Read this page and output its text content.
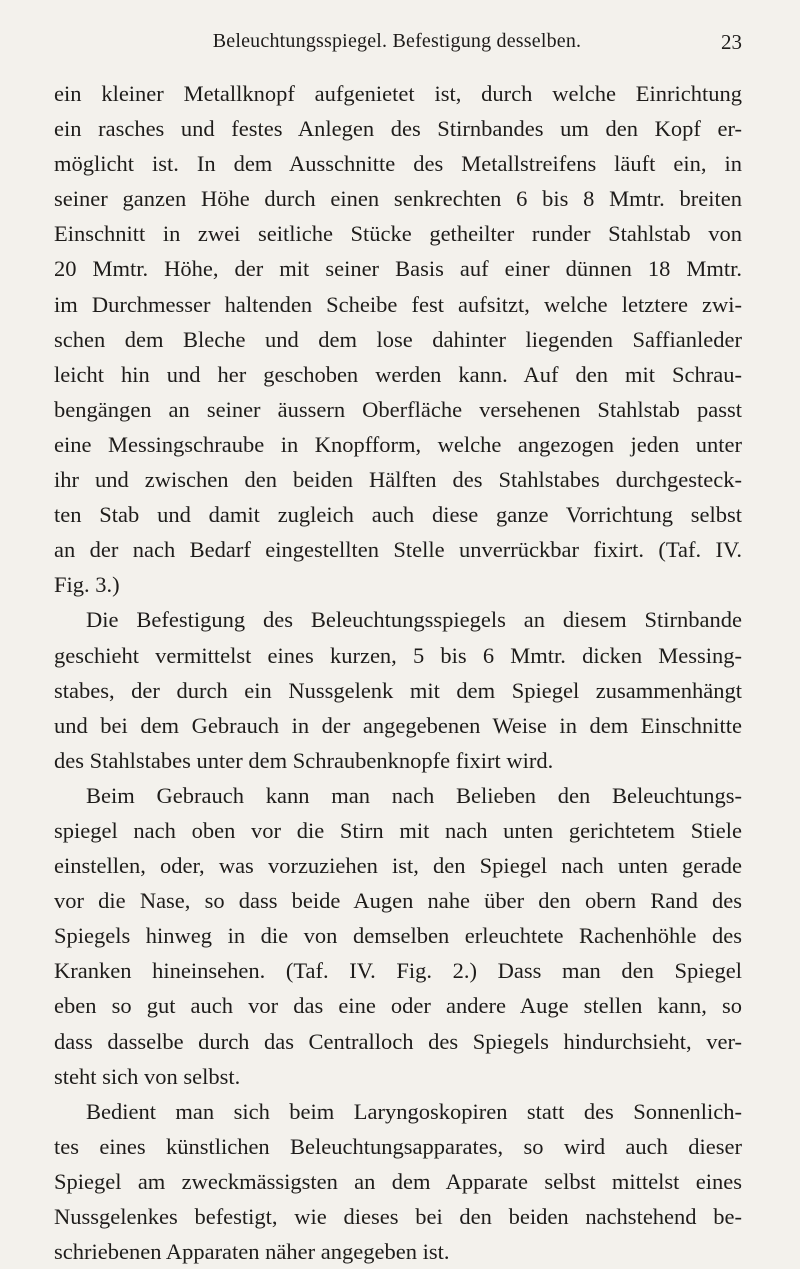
Beleuchtungsspiegel. Befestigung desselben.	23
ein kleiner Metallknopf aufgenietet ist, durch welche Einrichtung
ein rasches und festes Anlegen des Stirnbandes um den Kopf er-
möglicht ist. In dem Ausschnitte des Metallstreifens läuft ein, in
seiner ganzen Höhe durch einen senkrechten 6 bis 8 Mmtr. breiten
Einschnitt in zwei seitliche Stücke getheilter runder Stahlstab von
20 Mmtr. Höhe, der mit seiner Basis auf einer dünnen 18 Mmtr.
im Durchmesser haltenden Scheibe fest aufsitzt, welche letztere zwi-
schen dem Bleche und dem lose dahinter liegenden Saffianleder
leicht hin und her geschoben werden kann. Auf den mit Schrau-
bengängen an seiner äussern Oberfläche versehenen Stahlstab passt
eine Messingschraube in Knopfform, welche angezogen jeden unter
ihr und zwischen den beiden Hälften des Stahlstabes durchgesteck-
ten Stab und damit zugleich auch diese ganze Vorrichtung selbst
an der nach Bedarf eingestellten Stelle unverrückbar fixirt. (Taf. IV.
Fig. 3.)
Die Befestigung des Beleuchtungsspiegels an diesem Stirnbande
geschieht vermittelst eines kurzen, 5 bis 6 Mmtr. dicken Messing-
stabes, der durch ein Nussgelenk mit dem Spiegel zusammenhängt
und bei dem Gebrauch in der angegebenen Weise in dem Einschnitte
des Stahlstabes unter dem Schraubenknopfe fixirt wird.
Beim Gebrauch kann man nach Belieben den Beleuchtungs-
spiegel nach oben vor die Stirn mit nach unten gerichtetem Stiele
einstellen, oder, was vorzuziehen ist, den Spiegel nach unten gerade
vor die Nase, so dass beide Augen nahe über den obern Rand des
Spiegels hinweg in die von demselben erleuchtete Rachenhöhle des
Kranken hineinsehen. (Taf. IV. Fig. 2.) Dass man den Spiegel
eben so gut auch vor das eine oder andere Auge stellen kann, so
dass dasselbe durch das Centralloch des Spiegels hindurchsieht, ver-
steht sich von selbst.
Bedient man sich beim Laryngoskopiren statt des Sonnenlich-
tes eines künstlichen Beleuchtungsapparates, so wird auch dieser
Spiegel am zweckmässigsten an dem Apparate selbst mittelst eines
Nussgelenkes befestigt, wie dieses bei den beiden nachstehend be-
schriebenen Apparaten näher angegeben ist.
